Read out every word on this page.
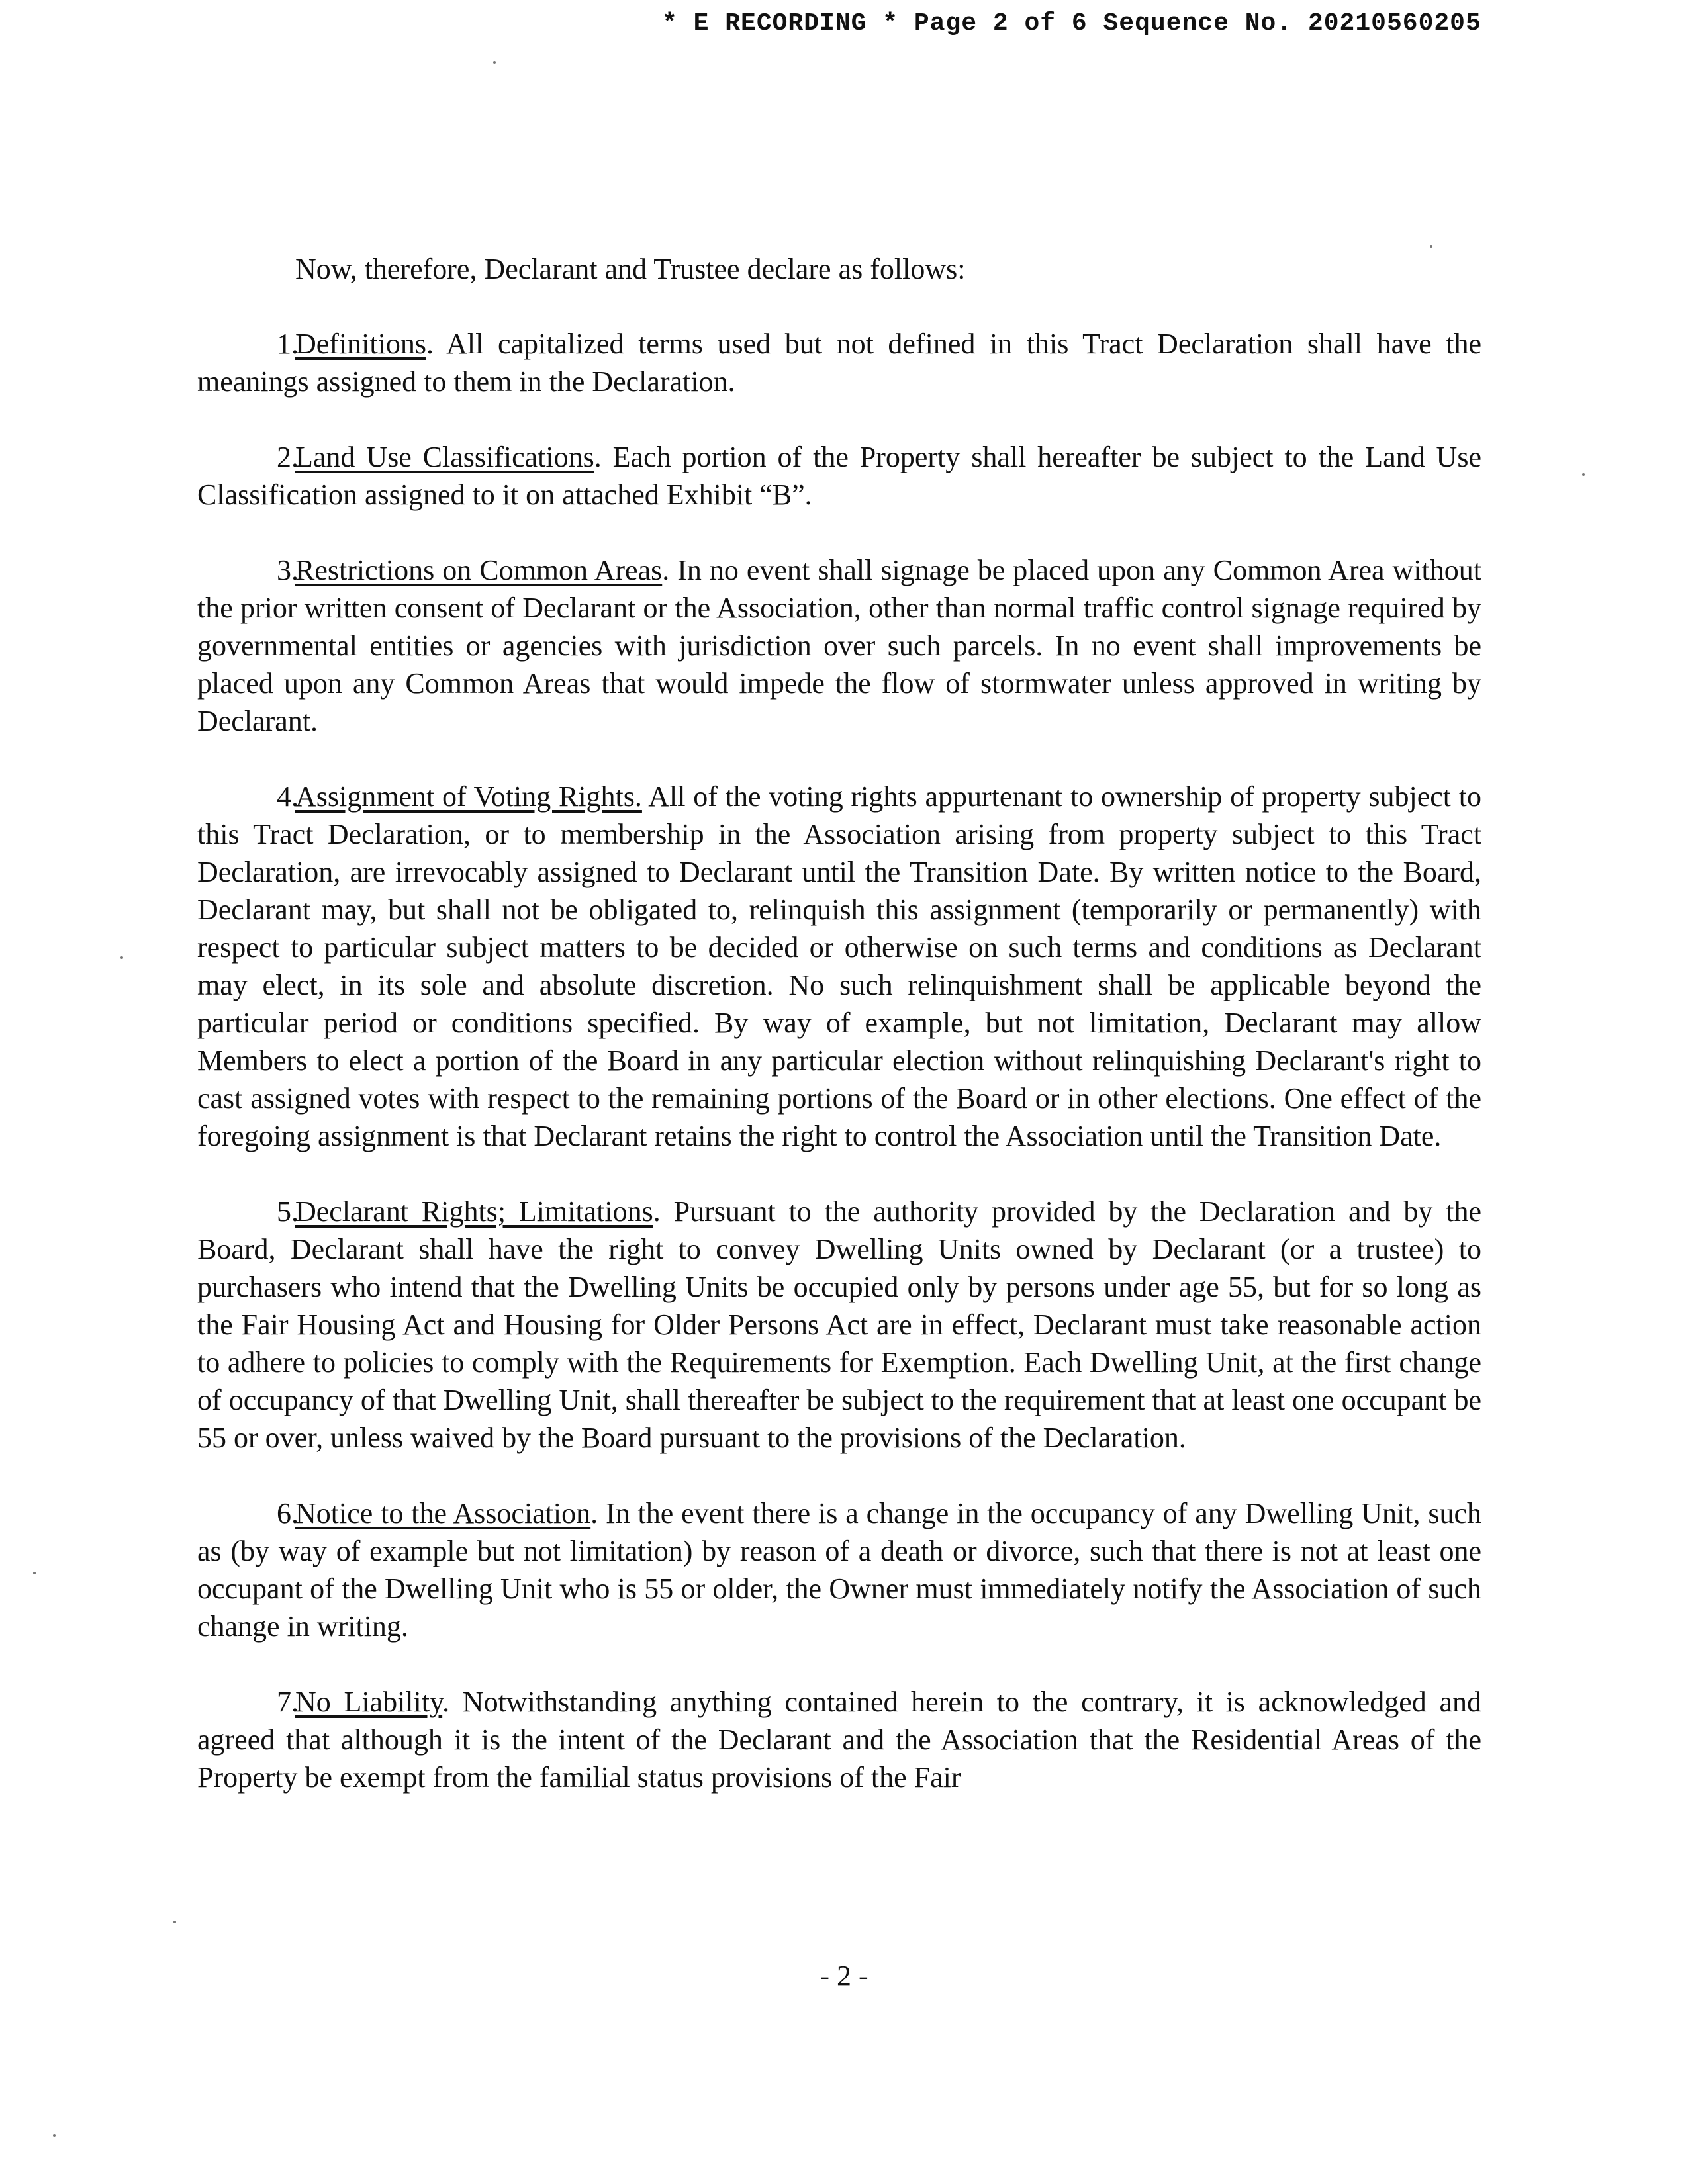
* E RECORDING * Page 2 of 6 Sequence No. 20210560205
Now, therefore, Declarant and Trustee declare as follows:

1.Definitions. All capitalized terms used but not defined in this Tract Declaration shall have the meanings assigned to them in the Declaration.

2.Land Use Classifications. Each portion of the Property shall hereafter be subject to the Land Use Classification assigned to it on attached Exhibit “B”.

3.Restrictions on Common Areas. In no event shall signage be placed upon any Common Area without the prior written consent of Declarant or the Association, other than normal traffic control signage required by governmental entities or agencies with jurisdiction over such parcels. In no event shall improvements be placed upon any Common Areas that would impede the flow of stormwater unless approved in writing by Declarant.

4.Assignment of Voting Rights. All of the voting rights appurtenant to ownership of property subject to this Tract Declaration, or to membership in the Association arising from property subject to this Tract Declaration, are irrevocably assigned to Declarant until the Transition Date. By written notice to the Board, Declarant may, but shall not be obligated to, relinquish this assignment (temporarily or permanently) with respect to particular subject matters to be decided or otherwise on such terms and conditions as Declarant may elect, in its sole and absolute discretion. No such relinquishment shall be applicable beyond the particular period or conditions specified. By way of example, but not limitation, Declarant may allow Members to elect a portion of the Board in any particular election without relinquishing Declarant's right to cast assigned votes with respect to the remaining portions of the Board or in other elections. One effect of the foregoing assignment is that Declarant retains the right to control the Association until the Transition Date.

5.Declarant Rights; Limitations. Pursuant to the authority provided by the Declaration and by the Board, Declarant shall have the right to convey Dwelling Units owned by Declarant (or a trustee) to purchasers who intend that the Dwelling Units be occupied only by persons under age 55, but for so long as the Fair Housing Act and Housing for Older Persons Act are in effect, Declarant must take reasonable action to adhere to policies to comply with the Requirements for Exemption. Each Dwelling Unit, at the first change of occupancy of that Dwelling Unit, shall thereafter be subject to the requirement that at least one occupant be 55 or over, unless waived by the Board pursuant to the provisions of the Declaration.

6.Notice to the Association. In the event there is a change in the occupancy of any Dwelling Unit, such as (by way of example but not limitation) by reason of a death or divorce, such that there is not at least one occupant of the Dwelling Unit who is 55 or older, the Owner must immediately notify the Association of such change in writing.

7.No Liability. Notwithstanding anything contained herein to the contrary, it is acknowledged and agreed that although it is the intent of the Declarant and the Association that the Residential Areas of the Property be exempt from the familial status provisions of the Fair

- 2 -
